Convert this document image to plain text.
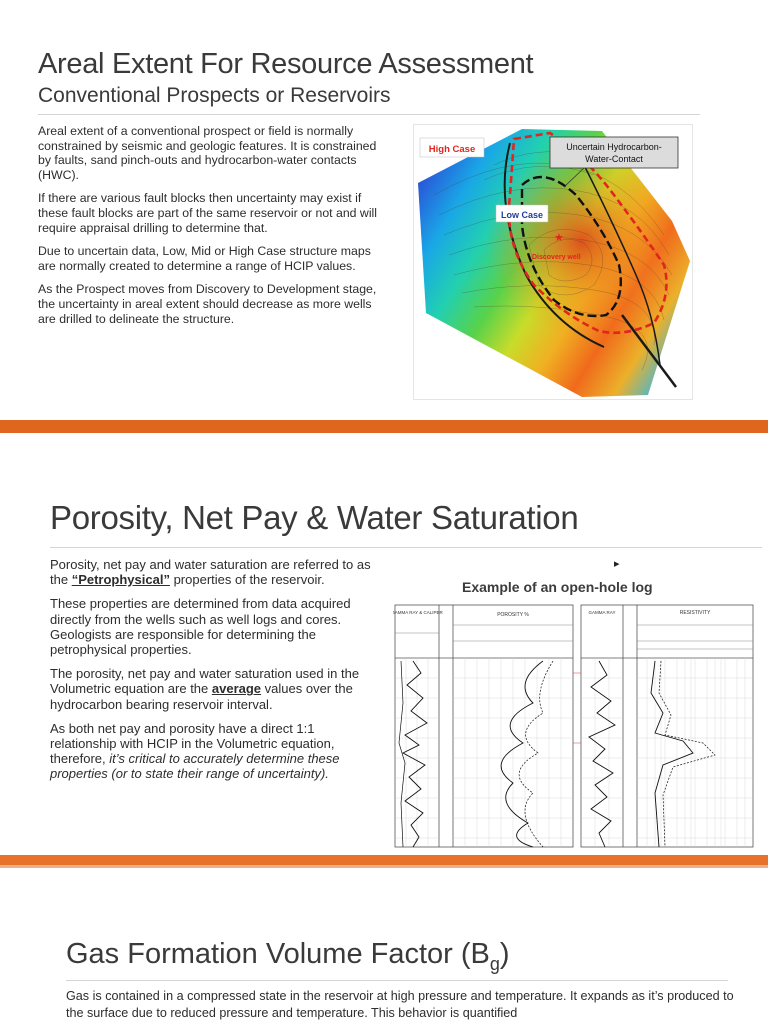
Areal Extent For Resource Assessment
Conventional Prospects or Reservoirs

Areal extent of a conventional prospect or field is normally constrained by seismic and geologic features. It is constrained by faults, sand pinch-outs and hydrocarbon-water contacts (HWC).

If there are various fault blocks then uncertainty may exist if these fault blocks are part of the same reservoir or not and will require appraisal drilling to determine that.

Due to uncertain data, Low, Mid or High Case structure maps are normally created to determine a range of HCIP values.

As the Prospect moves from Discovery to Development stage, the uncertainty in areal extent should decrease as more wells are drilled to delineate the structure.

High Case
Low Case
★
Discovery well
Uncertain Hydrocarbon-
Water-Contact
Porosity, Net Pay & Water Saturation

Porosity, net pay and water saturation are referred to as the “Petrophysical” properties of the reservoir.

These properties are determined from data acquired directly from the wells such as well logs and cores. Geologists are responsible for determining the petrophysical properties.

The porosity, net pay and water saturation used in the Volumetric equation are the average values over the hydrocarbon bearing reservoir interval.

As both net pay and porosity have a direct 1:1 relationship with HCIP in the Volumetric equation, therefore, it’s critical to accurately determine these properties (or to state their range of uncertainty).

▸
Example of an open-hole log
GAMMA RAY & CALIPER	POROSITY %	GAMMA RAY	RESISTIVITY
Gas Formation Volume Factor $(B_g)$
Gas is contained in a compressed state in the reservoir at high pressure and temperature. It expands as it’s produced to the surface due to reduced pressure and temperature. This behavior is quantified
